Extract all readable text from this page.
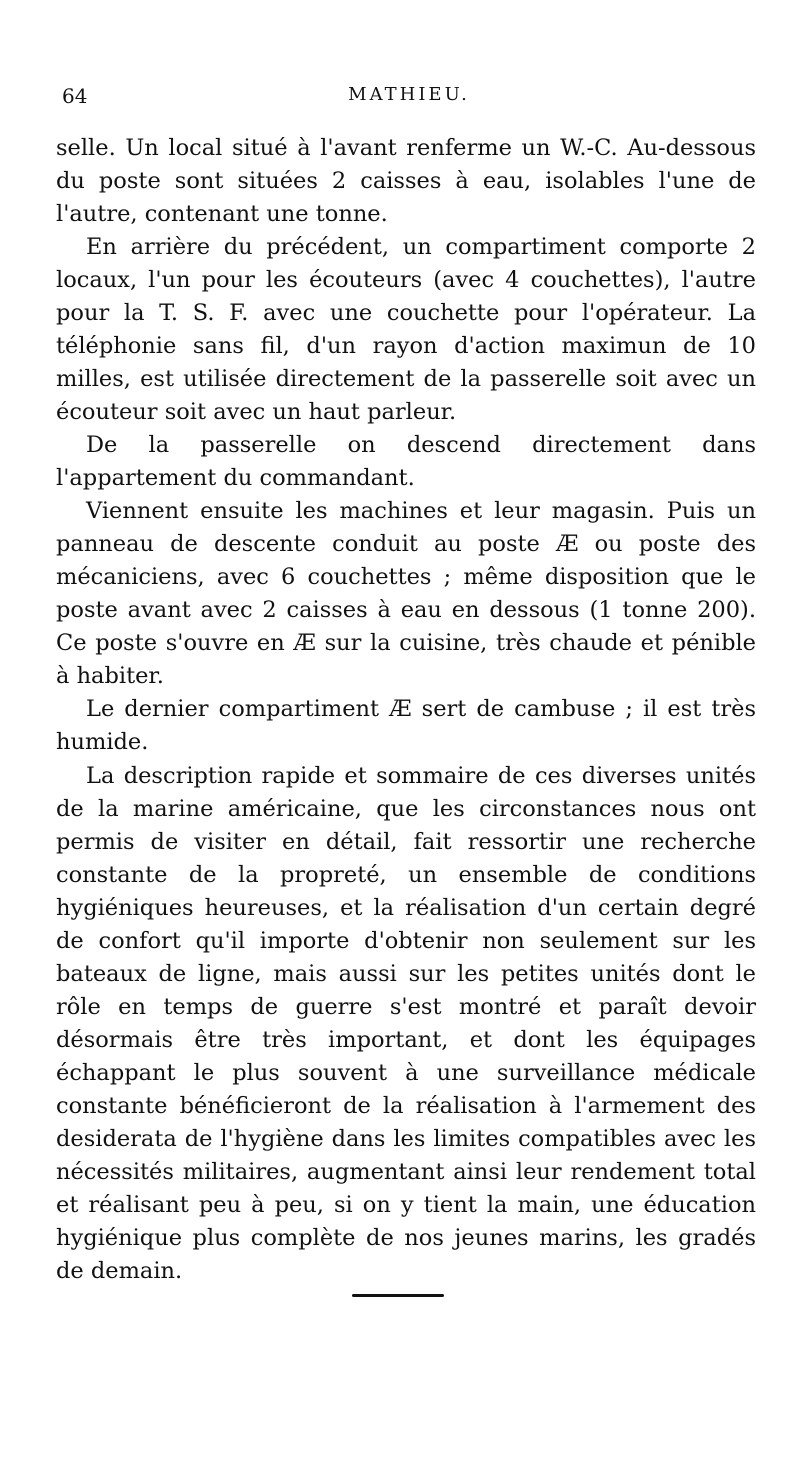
64	MATHIEU.

selle. Un local situé à l'avant renferme un W.-C. Au-dessous du poste sont situées 2 caisses à eau, isolables l'une de l'autre, contenant une tonne.

En arrière du précédent, un compartiment comporte 2 locaux, l'un pour les écouteurs (avec 4 couchettes), l'autre pour la T. S. F. avec une couchette pour l'opérateur. La téléphonie sans fil, d'un rayon d'action maximun de 10 milles, est utilisée directement de la passerelle soit avec un écouteur soit avec un haut parleur.

De la passerelle on descend directement dans l'appartement du commandant.

Viennent ensuite les machines et leur magasin. Puis un panneau de descente conduit au poste Æ ou poste des mécaniciens, avec 6 couchettes ; même disposition que le poste avant avec 2 caisses à eau en dessous (1 tonne 200). Ce poste s'ouvre en Æ sur la cuisine, très chaude et pénible à habiter.

Le dernier compartiment Æ sert de cambuse ; il est très humide.

La description rapide et sommaire de ces diverses unités de la marine américaine, que les circonstances nous ont permis de visiter en détail, fait ressortir une recherche constante de la propreté, un ensemble de conditions hygiéniques heureuses, et la réalisation d'un certain degré de confort qu'il importe d'obtenir non seulement sur les bateaux de ligne, mais aussi sur les petites unités dont le rôle en temps de guerre s'est montré et paraît devoir désormais être très important, et dont les équipages échappant le plus souvent à une surveillance médicale constante bénéficieront de la réalisation à l'armement des desiderata de l'hygiène dans les limites compatibles avec les nécessités militaires, augmentant ainsi leur rendement total et réalisant peu à peu, si on y tient la main, une éducation hygiénique plus complète de nos jeunes marins, les gradés de demain.
